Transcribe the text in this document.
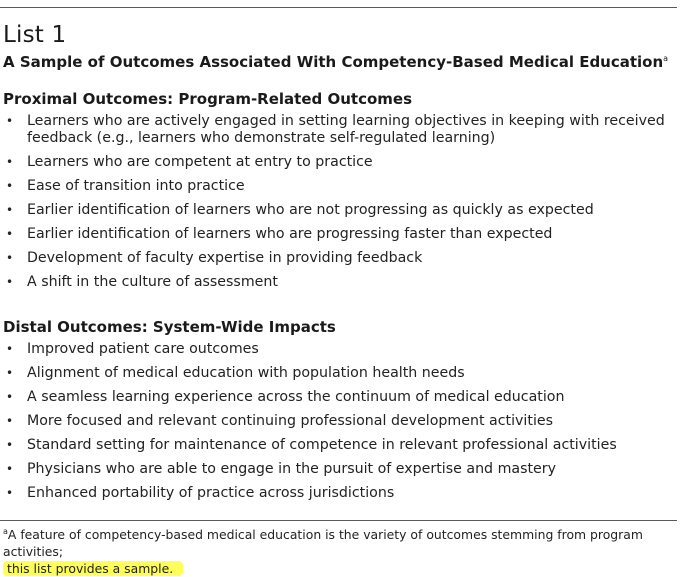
List 1
A Sample of Outcomes Associated With Competency-Based Medical Education$^a$
Proximal Outcomes: Program-Related Outcomes
• Learners who are actively engaged in setting learning objectives in keeping with received feedback (e.g., learners who demonstrate self-regulated learning)
• Learners who are competent at entry to practice
• Ease of transition into practice
• Earlier identification of learners who are not progressing as quickly as expected
• Earlier identification of learners who are progressing faster than expected
• Development of faculty expertise in providing feedback
• A shift in the culture of assessment
Distal Outcomes: System-Wide Impacts
• Improved patient care outcomes
• Alignment of medical education with population health needs
• A seamless learning experience across the continuum of medical education
• More focused and relevant continuing professional development activities
• Standard setting for maintenance of competence in relevant professional activities
• Physicians who are able to engage in the pursuit of expertise and mastery
• Enhanced portability of practice across jurisdictions
$^a$A feature of competency-based medical education is the variety of outcomes stemming from program activities;
this list provides a sample.
